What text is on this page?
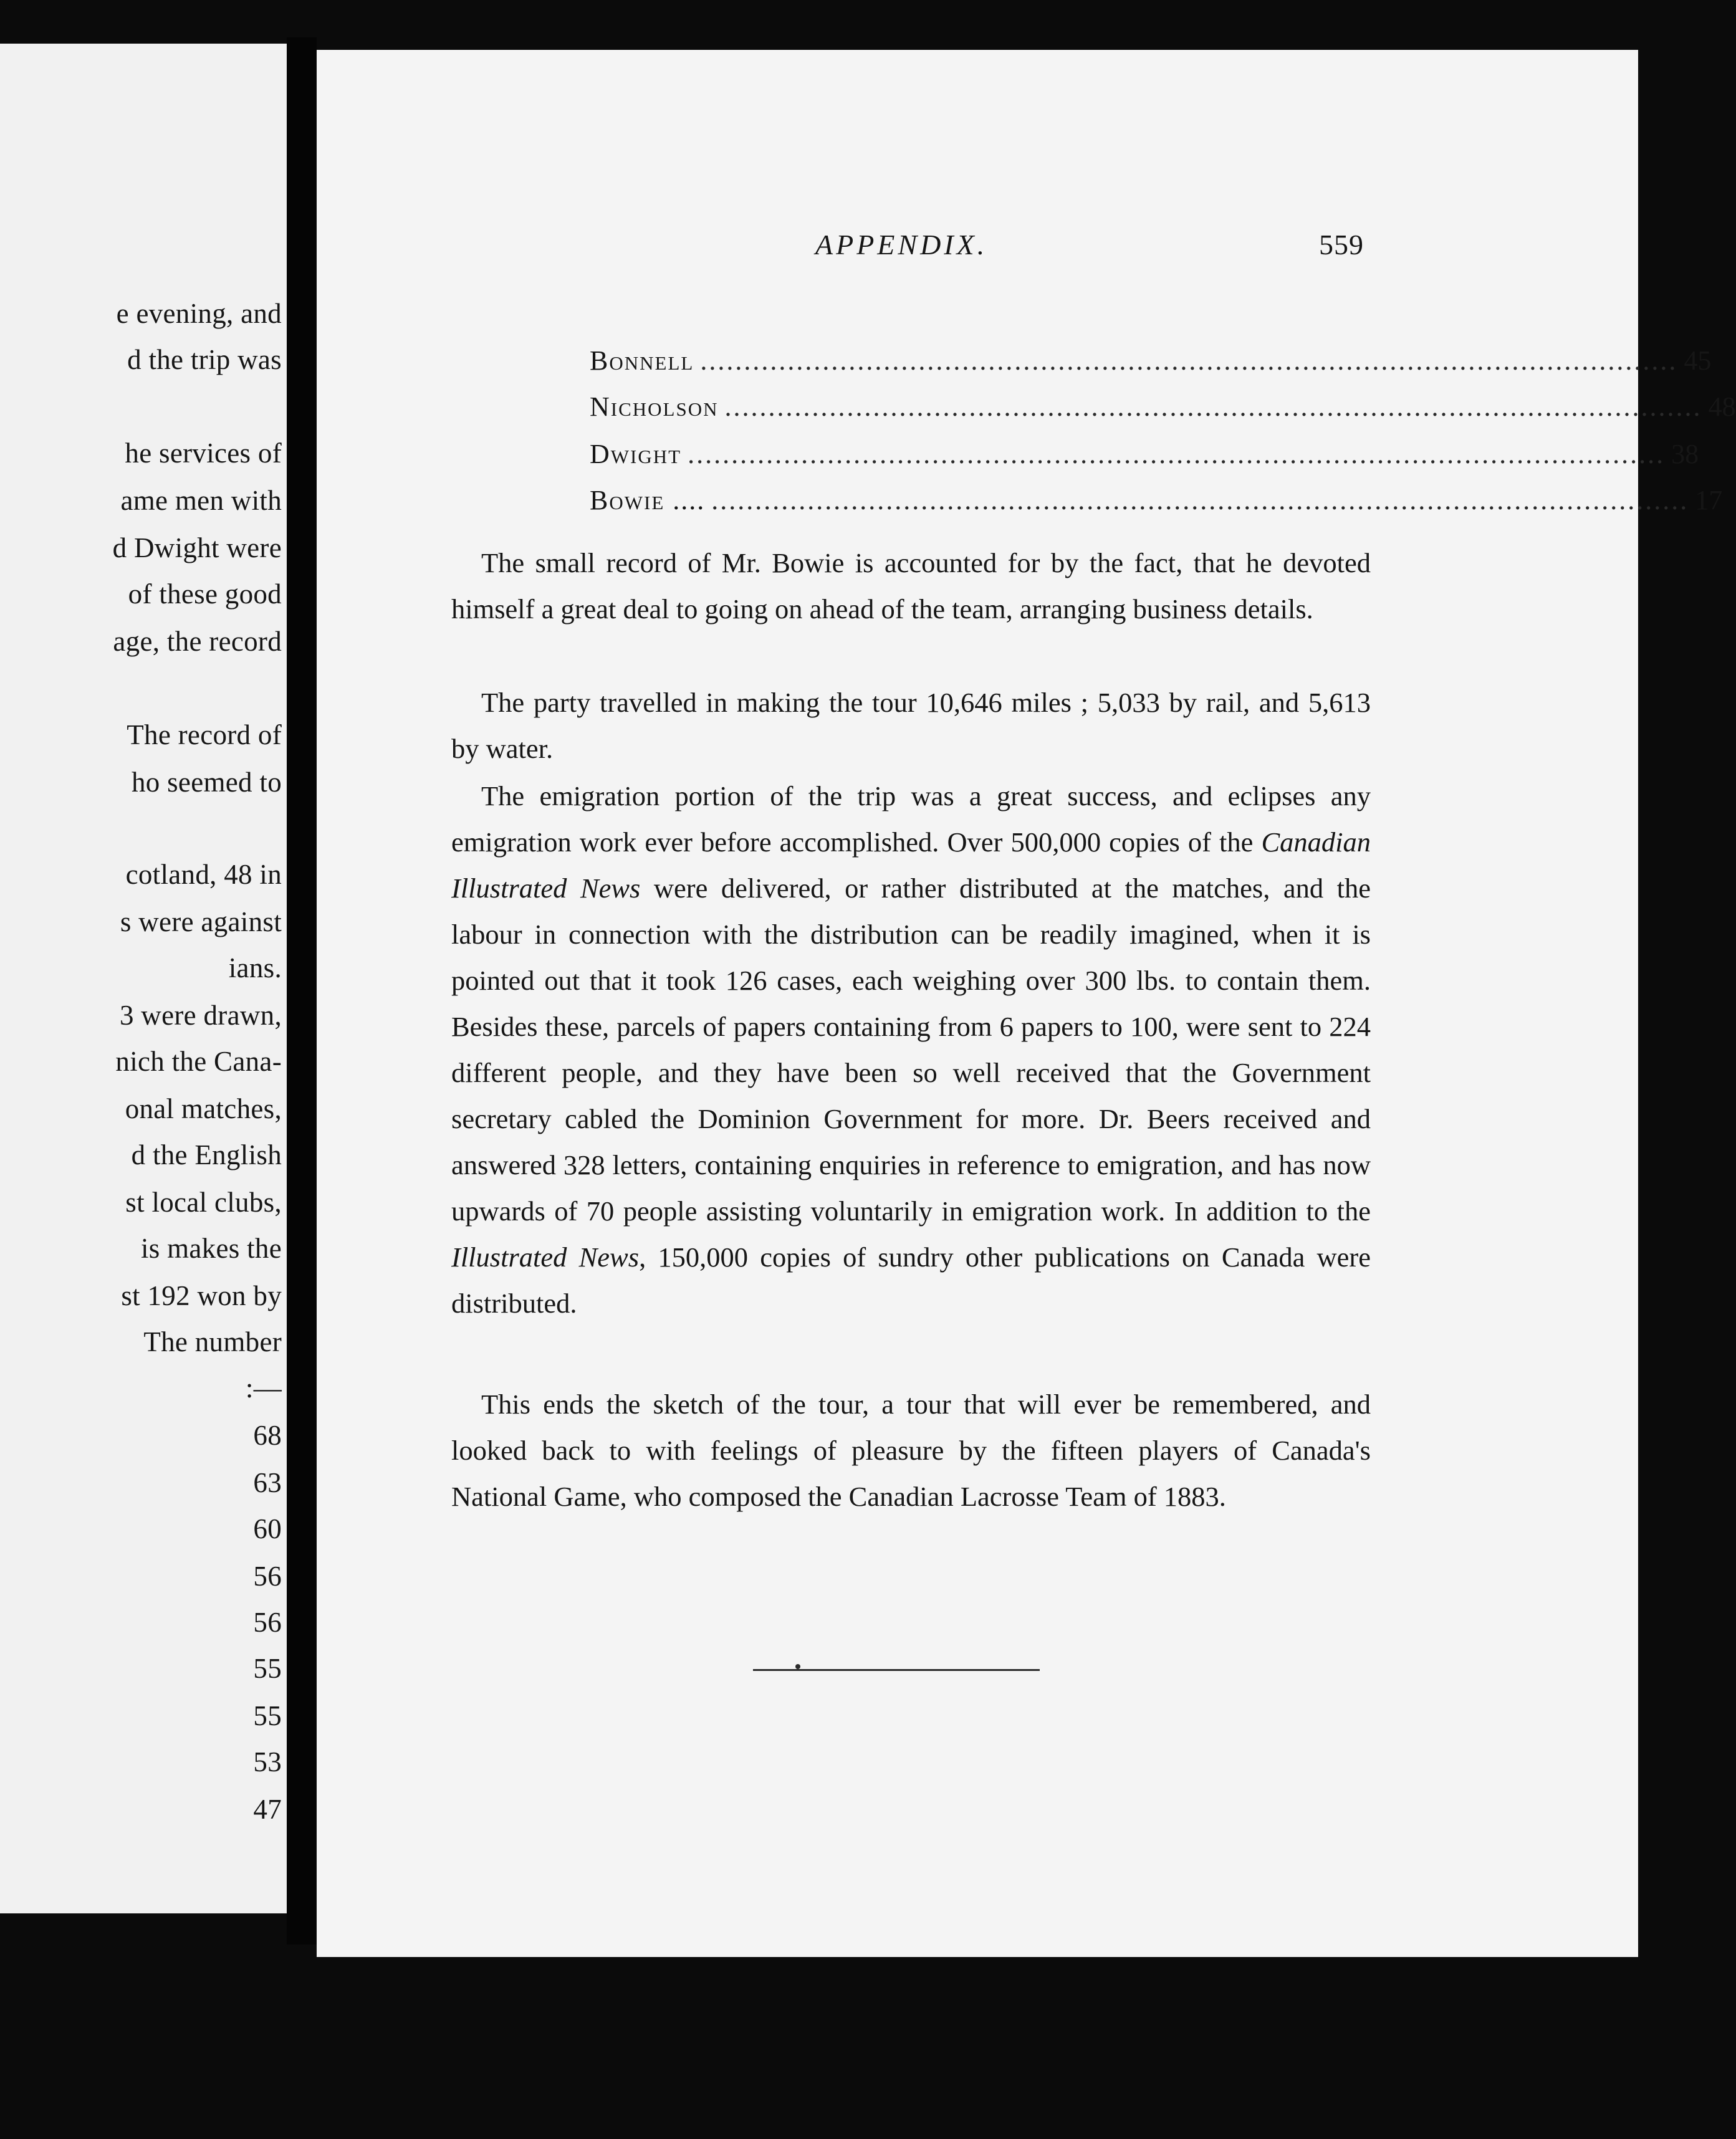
e evening, and
d the trip was
he services of
ame men with
d Dwight were
of these good
age, the record
The record of
ho seemed to
cotland, 48 in
s were against
ians.
3 were drawn,
nich the Cana-
onal matches,
d the English
st local clubs,
is makes the
st 192 won by
The number
:—
68
63
60
56
56
55
55
53
47
APPENDIX.	559
Bonnell ................................................................................................................ 45
Nicholson ................................................................................................................ 48
Dwight ................................................................................................................ 38
Bowie .... ................................................................................................................ 17

The small record of Mr. Bowie is accounted for by the fact, that he devoted himself a great deal to going on ahead of the team, arranging business details.

The party travelled in making the tour 10,646 miles ; 5,033 by rail, and 5,613 by water.

The emigration portion of the trip was a great success, and eclipses any emigration work ever before accomplished. Over 500,000 copies of the Canadian Illustrated News were delivered, or rather distributed at the matches, and the labour in connection with the distribution can be readily imagined, when it is pointed out that it took 126 cases, each weighing over 300 lbs. to contain them. Besides these, parcels of papers containing from 6 papers to 100, were sent to 224 different people, and they have been so well received that the Government secretary cabled the Dominion Government for more. Dr. Beers received and answered 328 letters, containing enquiries in reference to emigration, and has now upwards of 70 people assisting voluntarily in emigration work. In addition to the Illustrated News, 150,000 copies of sundry other publications on Canada were distributed.

This ends the sketch of the tour, a tour that will ever be remembered, and looked back to with feelings of pleasure by the fifteen players of Canada's National Game, who composed the Canadian Lacrosse Team of 1883.
